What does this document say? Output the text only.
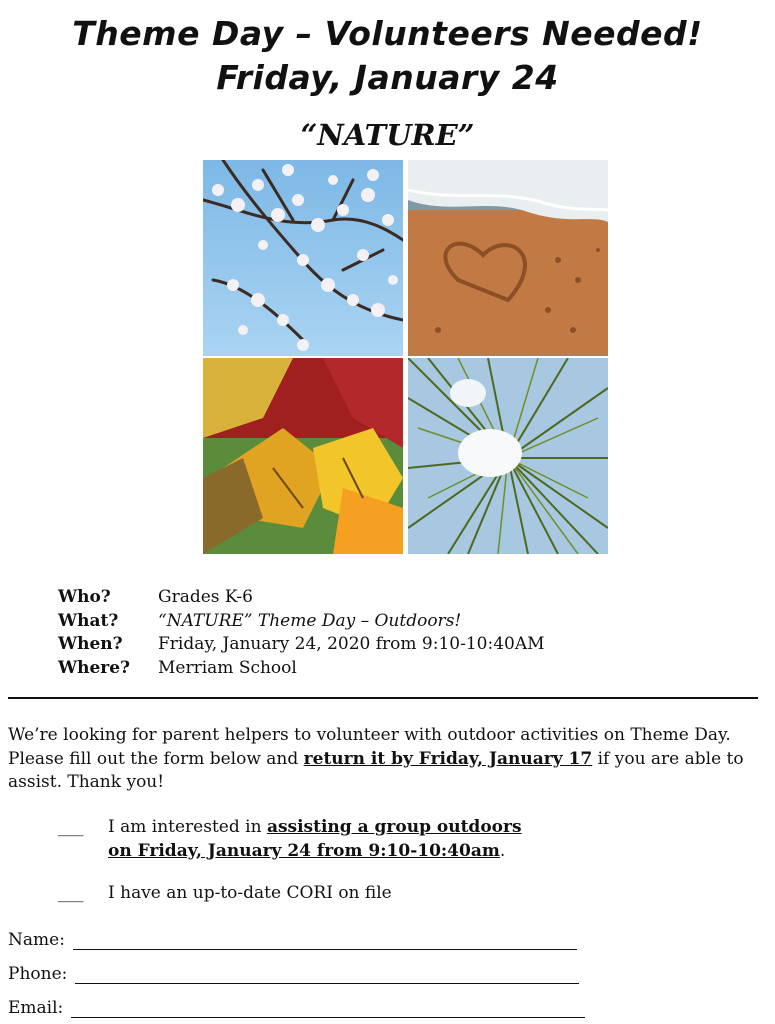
Theme Day – Volunteers Needed!
Friday, January 24
“NATURE”
Who?	Grades K-6
What?	“NATURE” Theme Day – Outdoors!
When?	Friday, January 24, 2020 from 9:10-10:40AM
Where?	Merriam School
We’re looking for parent helpers to volunteer with outdoor activities on Theme Day. Please fill out the form below and return it by Friday, January 17 if you are able to assist. Thank you!
___	I am interested in assisting a group outdoors
on Friday, January 24 from 9:10-10:40am.
___	I have an up-to-date CORI on file
Name:
Phone:
Email:
